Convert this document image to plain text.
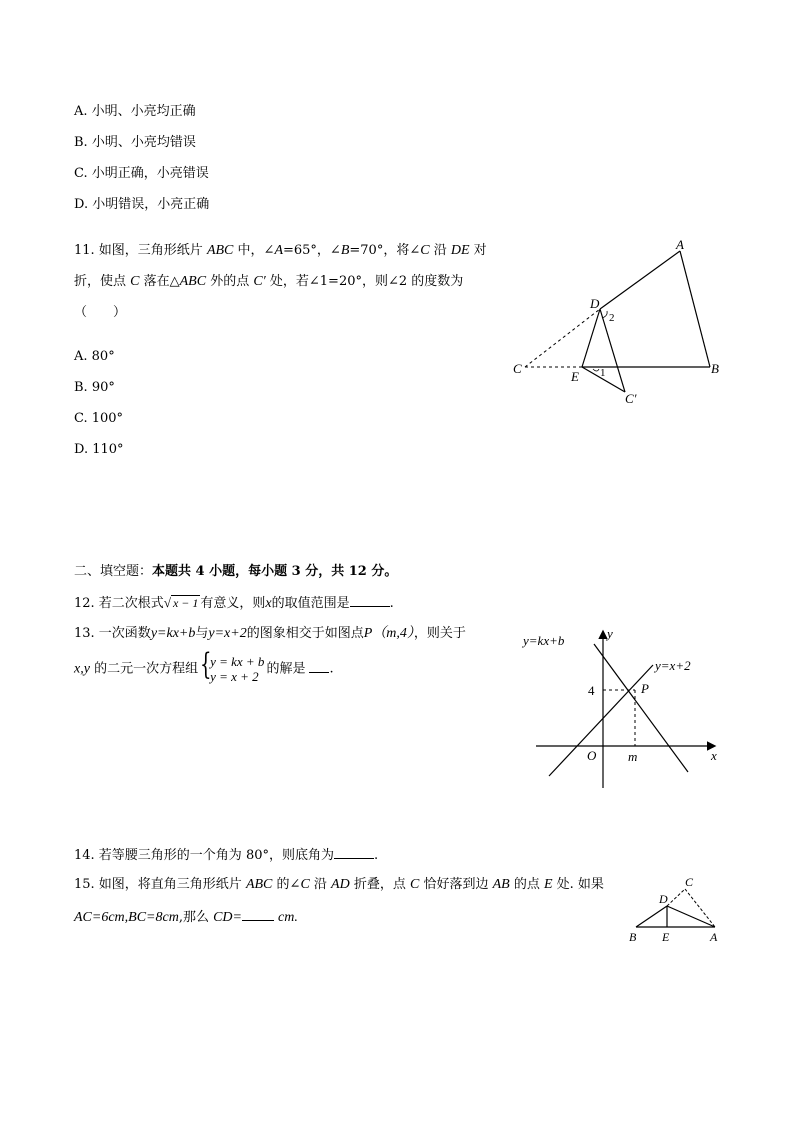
A. 小明、小亮均正确
B. 小明、小亮均错误
C. 小明正确，小亮错误
D. 小明错误，小亮正确
11. 如图，三角形纸片 ABC 中，∠A=65°，∠B=70°，将∠C 沿 DE 对
折，使点 C 落在△ABC 外的点 C′ 处，若∠1=20°，则∠2 的度数为
（　　）
A. 80°
B. 90°
C. 100°
D. 110°
A
B
C
D
E
C′
1
2
二、填空题：本题共 4 小题，每小题 3 分，共 12 分。
12. 若二次根式√ x − 1 有意义，则x的取值范围是	.
13. 一次函数y=kx+b与y=x+2的图象相交于如图点P（m,4），则关于
x,y 的二元一次方程组 {
y = kx + b
y = x + 2 的解是 .
y=kx+b
y=x+2
y
x
O m
4	P
14. 若等腰三角形的一个角为 80°，则底角为	.
15. 如图，将直角三角形纸片 ABC 的∠C 沿 AD 折叠，点 C 恰好落到边 AB 的点 E 处. 如果
AC=6cm,BC=8cm,那么 CD=	cm.
B E	A
D
C
